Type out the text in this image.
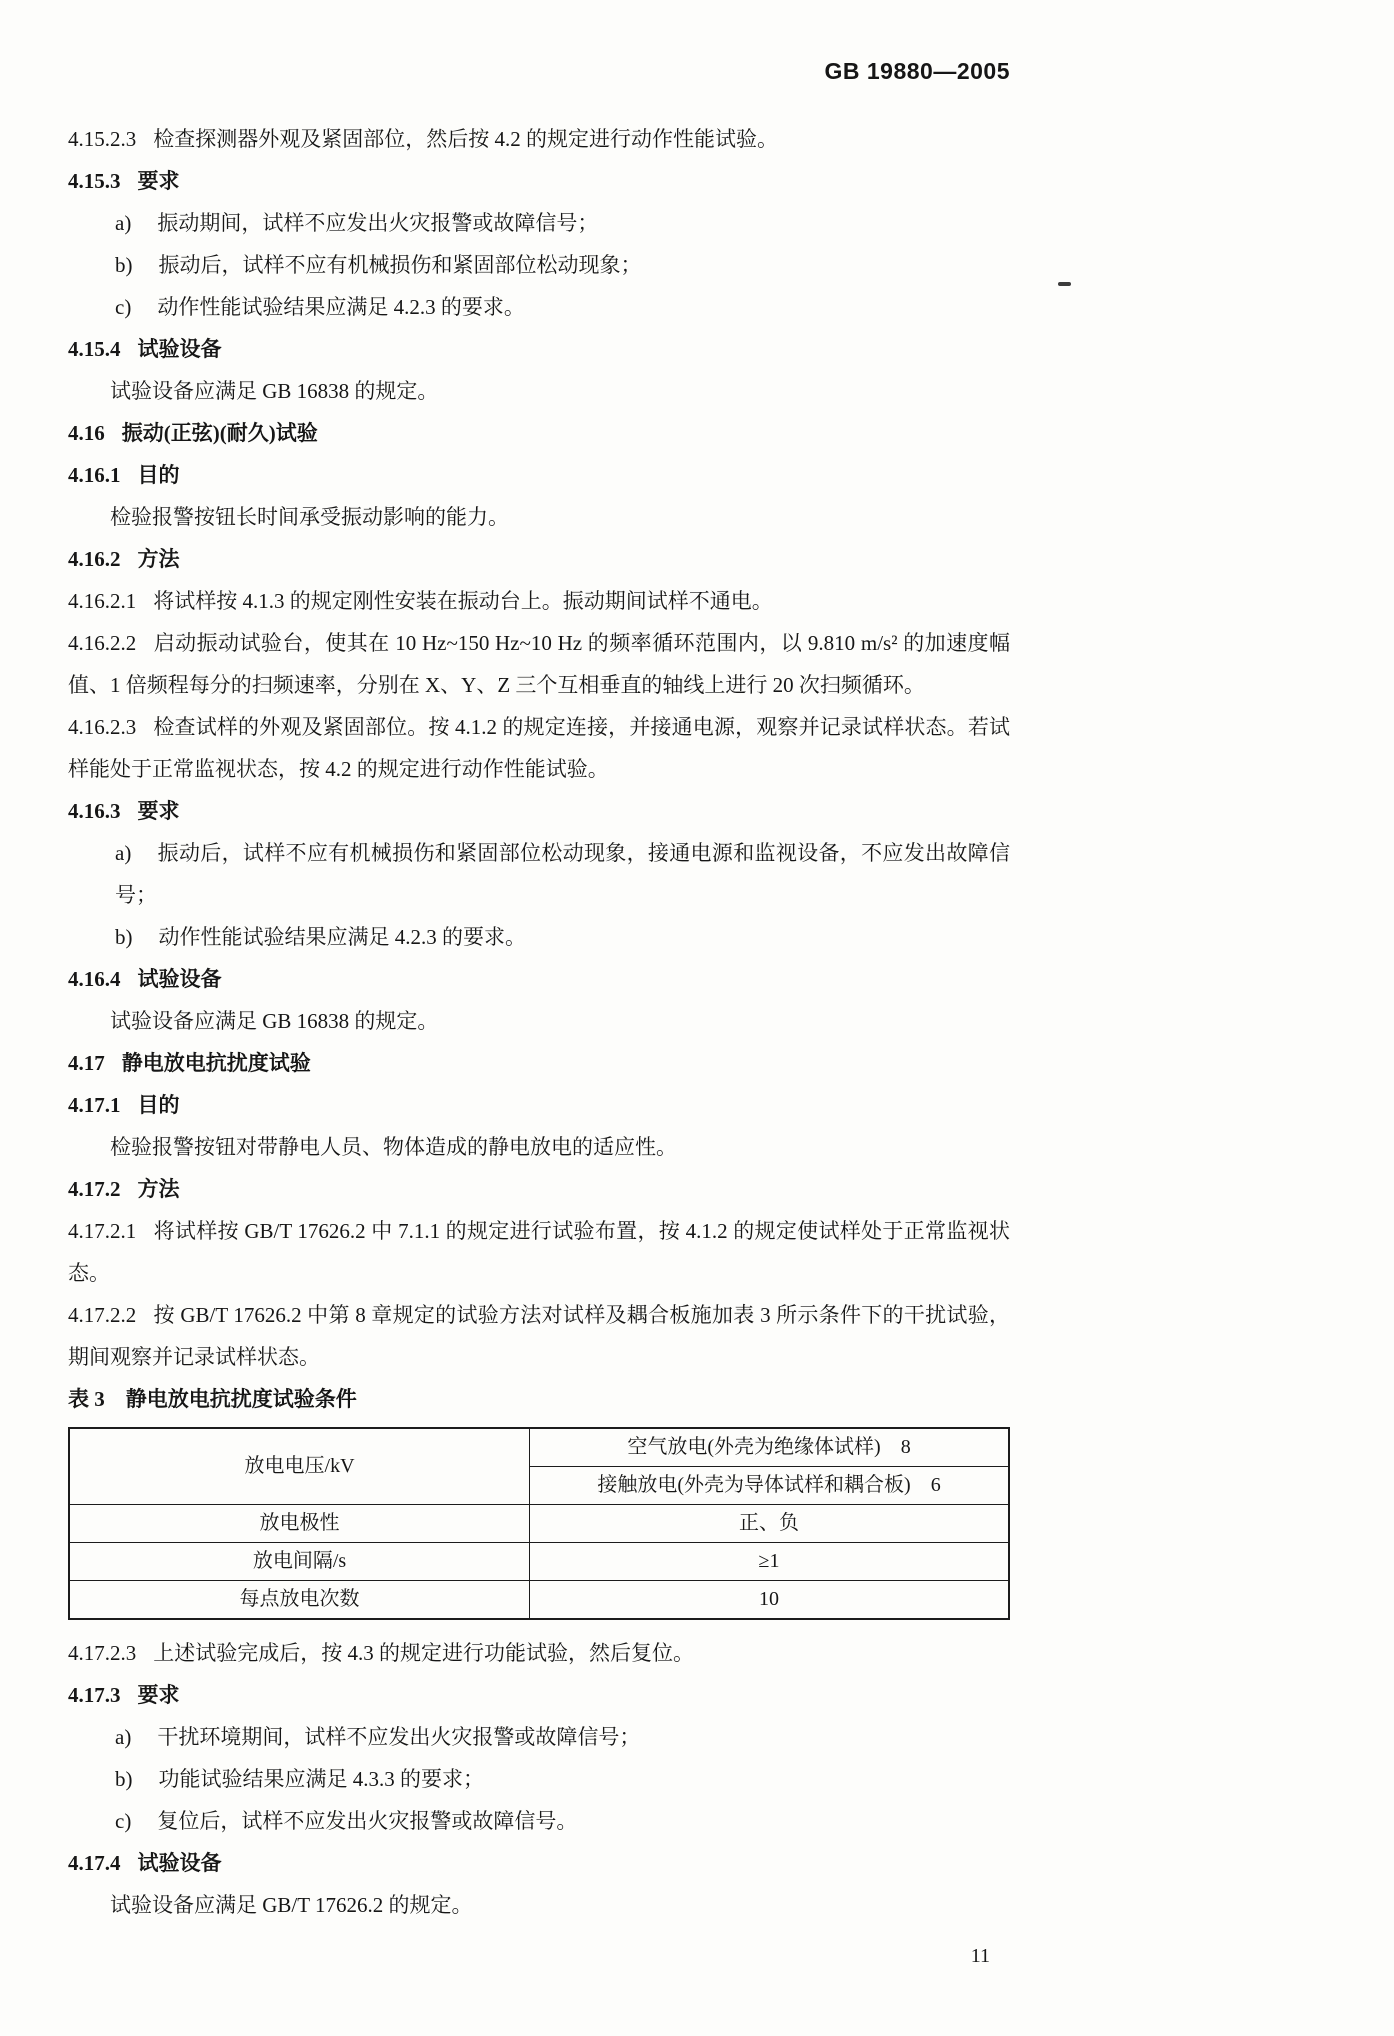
GB 19880—2005

4.15.2.3 检查探测器外观及紧固部位，然后按 4.2 的规定进行动作性能试验。

4.15.3 要求

a) 振动期间，试样不应发出火灾报警或故障信号；

b) 振动后，试样不应有机械损伤和紧固部位松动现象；

c) 动作性能试验结果应满足 4.2.3 的要求。

4.15.4 试验设备

试验设备应满足 GB 16838 的规定。

4.16 振动(正弦)(耐久)试验

4.16.1 目的

检验报警按钮长时间承受振动影响的能力。

4.16.2 方法

4.16.2.1 将试样按 4.1.3 的规定刚性安装在振动台上。振动期间试样不通电。

4.16.2.2 启动振动试验台，使其在 10 Hz~150 Hz~10 Hz 的频率循环范围内，以 9.810 m/s² 的加速度幅值、1 倍频程每分的扫频速率，分别在 X、Y、Z 三个互相垂直的轴线上进行 20 次扫频循环。

4.16.2.3 检查试样的外观及紧固部位。按 4.1.2 的规定连接，并接通电源，观察并记录试样状态。若试样能处于正常监视状态，按 4.2 的规定进行动作性能试验。

4.16.3 要求

a) 振动后，试样不应有机械损伤和紧固部位松动现象，接通电源和监视设备，不应发出故障信号；

b) 动作性能试验结果应满足 4.2.3 的要求。

4.16.4 试验设备

试验设备应满足 GB 16838 的规定。

4.17 静电放电抗扰度试验

4.17.1 目的

检验报警按钮对带静电人员、物体造成的静电放电的适应性。

4.17.2 方法

4.17.2.1 将试样按 GB/T 17626.2 中 7.1.1 的规定进行试验布置，按 4.1.2 的规定使试样处于正常监视状态。

4.17.2.2 按 GB/T 17626.2 中第 8 章规定的试验方法对试样及耦合板施加表 3 所示条件下的干扰试验，期间观察并记录试样状态。

表 3　静电放电抗扰度试验条件

放电电压/kV	空气放电(外壳为绝缘体试样)　8
	接触放电(外壳为导体试样和耦合板)　6
放电极性	正、负
放电间隔/s	≥1
每点放电次数	10

4.17.2.3 上述试验完成后，按 4.3 的规定进行功能试验，然后复位。

4.17.3 要求

a) 干扰环境期间，试样不应发出火灾报警或故障信号；

b) 功能试验结果应满足 4.3.3 的要求；

c) 复位后，试样不应发出火灾报警或故障信号。

4.17.4 试验设备

试验设备应满足 GB/T 17626.2 的规定。

11
